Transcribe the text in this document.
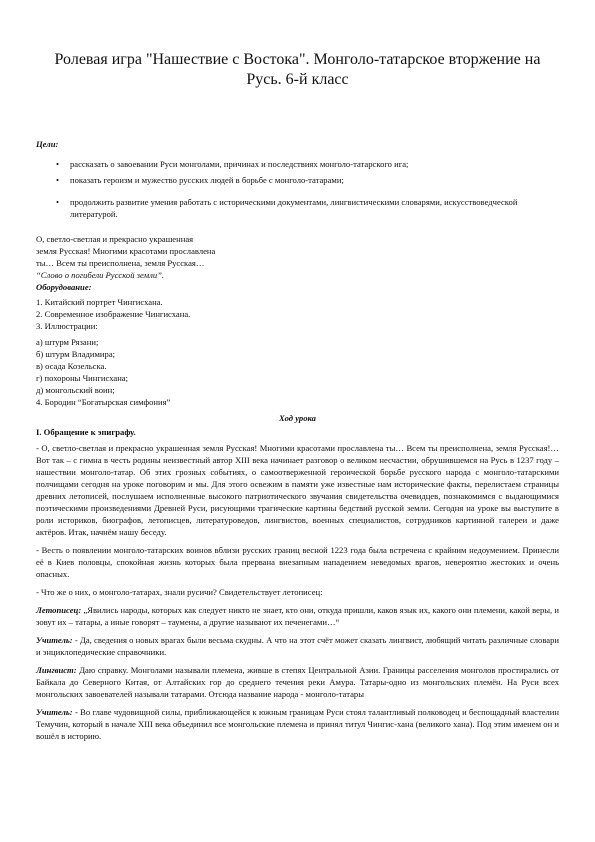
Ролевая игра "Нашествие с Востока". Монголо-татарское вторжение на Русь. 6-й класс
Цели:
• рассказать о завоевании Руси монголами, причинах и последствиях монголо-татарского ига;
• показать героизм и мужество русских людей в борьбе с монголо-татарами;
• продолжить развитие умения работать с историческими документами, лингвистическими словарями, искусствоведческой литературой.

О, светло-светлая и прекрасно украшенная

земля Русская! Многими красотами прославлена

ты… Всем ты преисполнена, земля Русская…

“Слово о погибели Русской земли”.

Оборудование:

1. Китайский портрет Чингисхана.

2. Современное изображение Чингисхана.

3. Иллюстрации:

а) штурм Рязани;

б) штурм Владимира;

в) осада Козельска.

г) похороны Чингисхана;

д) монгольский воин;

4. Бородин “Богатырская симфония”

Ход урока
I. Обращение к эпиграфу.

- О, светло-светлая и прекрасно украшенная земля Русская! Многими красотами прославлена ты… Всем ты преисполнена, земля Русская!…Вот так – с гимна в честь родины неизвестный автор XIII века начинает разговор о великом несчастии, обрушившемся на Русь в 1237 году – нашествии монголо-татар. Об этих грозных событиях, о самоотверженной героической борьбе русского народа с монголо-татарскими полчищами сегодня на уроке поговорим и мы. Для этого освежим в памяти уже известные нам исторические факты, перелистаем страницы древних летописей, послушаем исполненные высокого патриотического звучания свидетельства очевидцев, познакомимся с выдающимися поэтическими произведениями Древней Руси, рисующими трагические картины бедствий русской земли. Сегодня на уроке вы выступите в роли историков, биографов, летописцев, литературоведов, лингвистов, военных специалистов, сотрудников картинной галереи и даже актёров. Итак, начнём нашу беседу.

- Весть о появлении монголо-татарских воинов вблизи русских границ весной 1223 года была встречена с крайним недоумением. Принесли её в Киев половцы, спокойная жизнь которых была прервана внезапным нападением неведомых врагов, невероятно жестоких и очень опасных.

- Что же о них, о монголо-татарах, знали русичи? Свидетельствует летописец:

Летописец: „Явились народы, которых как следует никто не знает, кто они, откуда пришли, каков язык их, какого они племени, какой веры, и зовут их – татары, а иные говорят – таумены, а другие называют их печенегами…“

Учитель: - Да, сведения о новых врагах были весьма скудны. А что на этот счёт может сказать лингвист, любящий читать различные словари и энциклопедические справочники.

Лингвист: Даю справку. Монголами называли племена, живше в степях Центральной Азии. Границы расселения монголов простирались от Байкала до Северного Китая, от Алтайских гор до среднего течения реки Амура. Татары-одно из монгольских племён. На Руси всех монгольских завоевателей называли татарами. Отсюда название народа - монголо-татары

Учитель: - Во главе чудовищной силы, приближающейся к южным границам Руси стоял талантливый полководец и беспощадный властелин Темучин, который в начале XIII века объединил все монгольские племена и принял титул Чингис-хана (великого хана). Под этим именем он и вошёл в историю.
